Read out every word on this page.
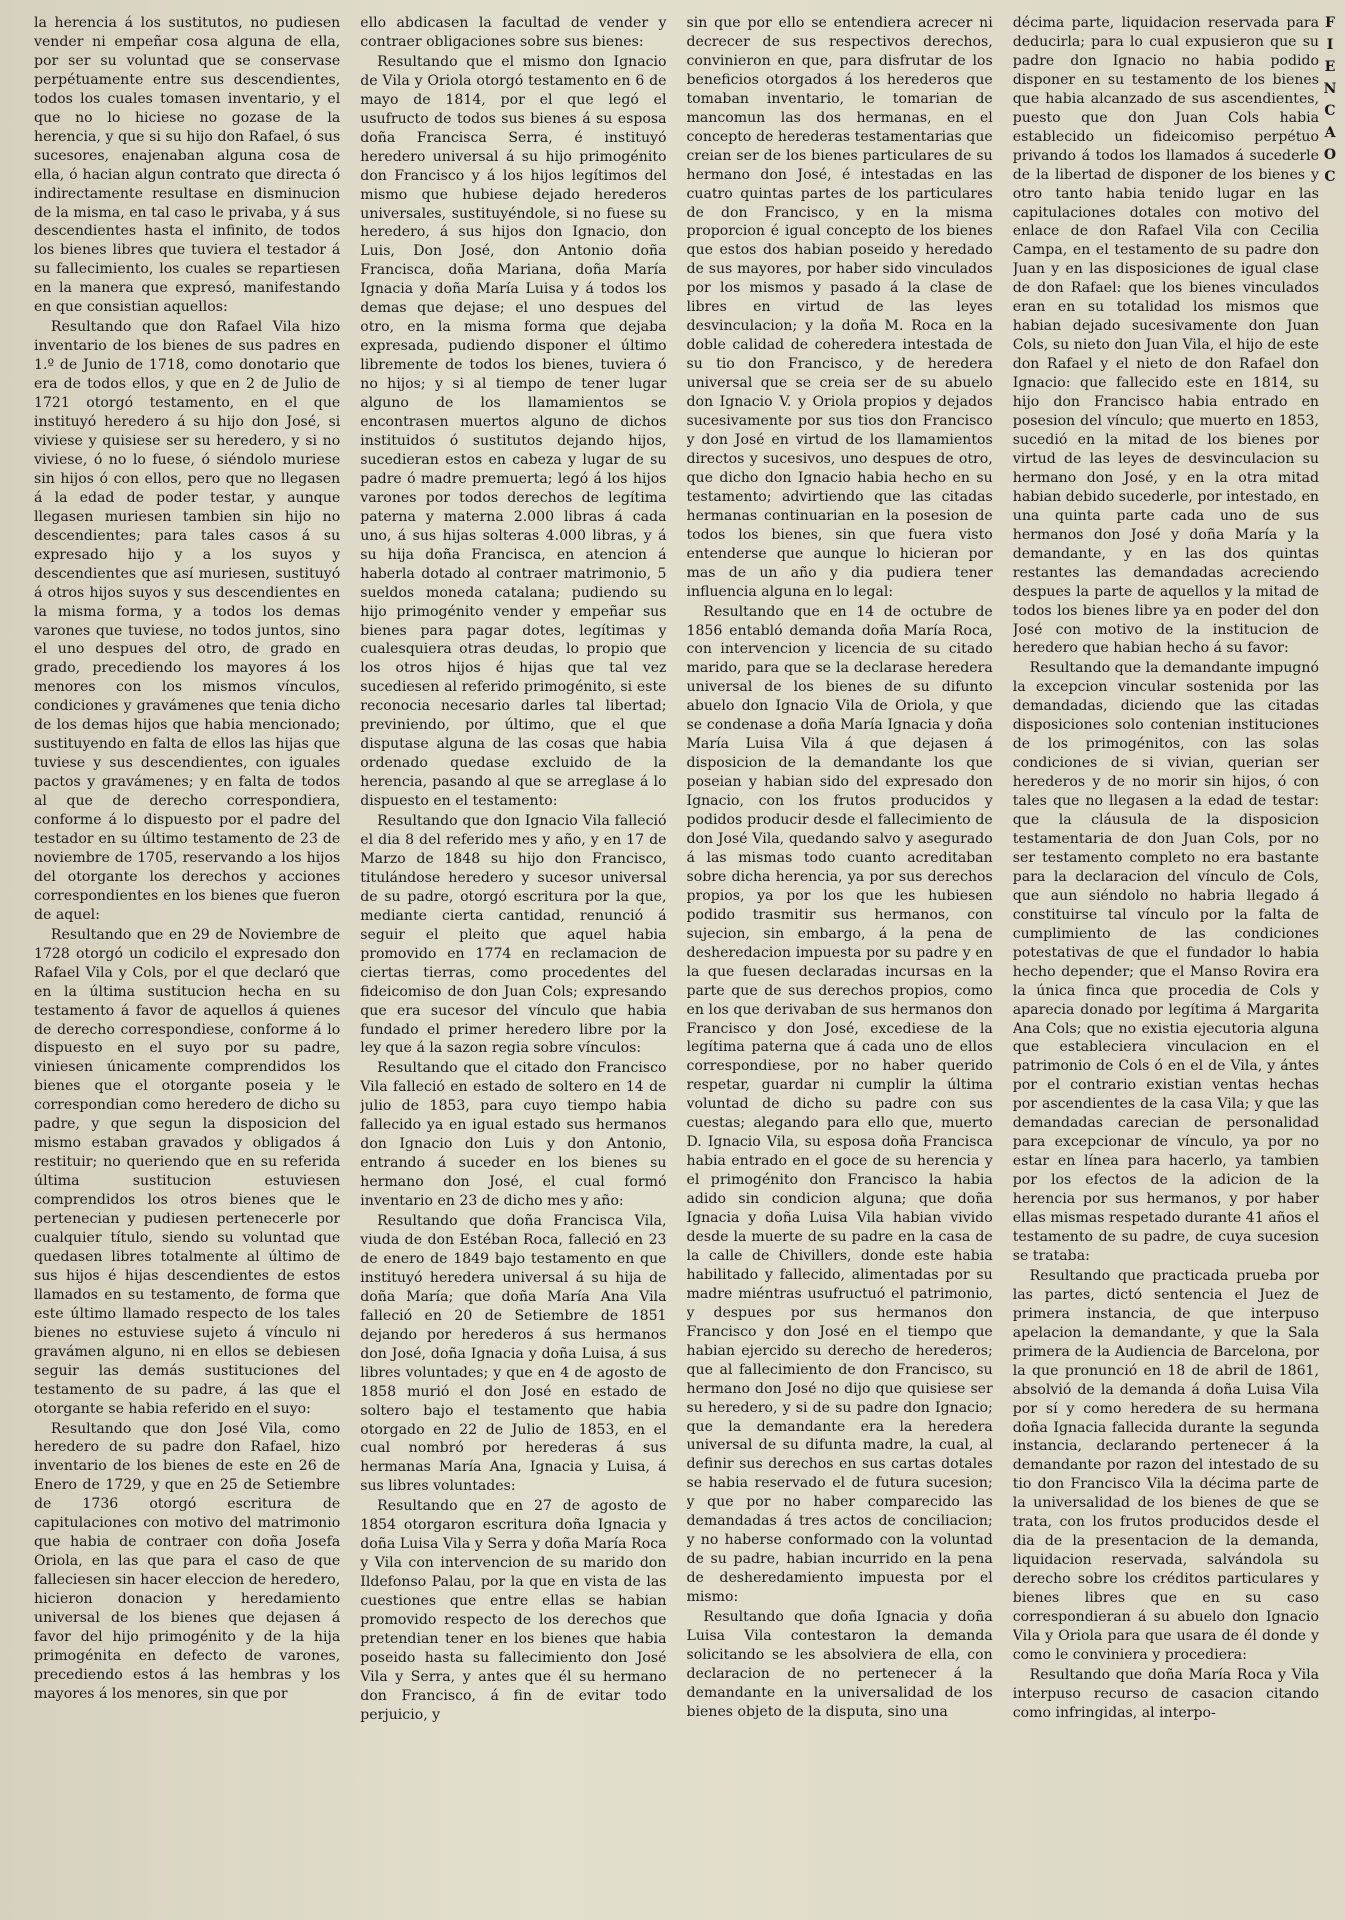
la herencia á los sustitutos, no pudiesen vender ni empeñar cosa alguna de ella, por ser su voluntad que se conservase perpétuamente entre sus descendientes, todos los cuales tomasen inventario, y el que no lo hiciese no gozase de la herencia, y que si su hijo don Rafael, ó sus sucesores, enajenaban alguna cosa de ella, ó hacian algun contrato que directa ó indirectamente resultase en disminucion de la misma, en tal caso le privaba, y á sus descendientes hasta el infinito, de todos los bienes libres que tuviera el testador á su fallecimiento, los cuales se repartiesen en la manera que expresó, manifestando en que consistian aquellos:

Resultando que don Rafael Vila hizo inventario de los bienes de sus padres en 1.º de Junio de 1718, como donotario que era de todos ellos, y que en 2 de Julio de 1721 otorgó testamento, en el que instituyó heredero á su hijo don José, si viviese y quisiese ser su heredero, y si no viviese, ó no lo fuese, ó siéndolo muriese sin hijos ó con ellos, pero que no llegasen á la edad de poder testar, y aunque llegasen muriesen tambien sin hijo no descendientes; para tales casos á su expresado hijo y a los suyos y descendientes que así muriesen, sustituyó á otros hijos suyos y sus descendientes en la misma forma, y a todos los demas varones que tuviese, no todos juntos, sino el uno despues del otro, de grado en grado, precediendo los mayores á los menores con los mismos vínculos, condiciones y gravámenes que tenia dicho de los demas hijos que habia mencionado; sustituyendo en falta de ellos las hijas que tuviese y sus descendientes, con iguales pactos y gravámenes; y en falta de todos al que de derecho correspondiera, conforme á lo dispuesto por el padre del testador en su último testamento de 23 de noviembre de 1705, reservando a los hijos del otorgante los derechos y acciones correspondientes en los bienes que fueron de aquel:

Resultando que en 29 de Noviembre de 1728 otorgó un codicilo el expresado don Rafael Vila y Cols, por el que declaró que en la última sustitucion hecha en su testamento á favor de aquellos á quienes de derecho correspondiese, conforme á lo dispuesto en el suyo por su padre, viniesen únicamente comprendidos los bienes que el otorgante poseia y le correspondian como heredero de dicho su padre, y que segun la disposicion del mismo estaban gravados y obligados á restituir; no queriendo que en su referida última sustitucion estuviesen comprendidos los otros bienes que le pertenecian y pudiesen pertenecerle por cualquier título, siendo su voluntad que quedasen libres totalmente al último de sus hijos é hijas descendientes de estos llamados en su testamento, de forma que este último llamado respecto de los tales bienes no estuviese sujeto á vínculo ni gravámen alguno, ni en ellos se debiesen seguir las demás sustituciones del testamento de su padre, á las que el otorgante se habia referido en el suyo:

Resultando que don José Vila, como heredero de su padre don Rafael, hizo inventario de los bienes de este en 26 de Enero de 1729, y que en 25 de Setiembre de 1736 otorgó escritura de capitulaciones con motivo del matrimonio que habia de contraer con doña Josefa Oriola, en las que para el caso de que falleciesen sin hacer eleccion de heredero, hicieron donacion y heredamiento universal de los bienes que dejasen á favor del hijo primogénito y de la hija primogénita en defecto de varones, precediendo estos á las hembras y los mayores á los menores, sin que por

ello abdicasen la facultad de vender y contraer obligaciones sobre sus bienes:

Resultando que el mismo don Ignacio de Vila y Oriola otorgó testamento en 6 de mayo de 1814, por el que legó el usufructo de todos sus bienes á su esposa doña Francisca Serra, é instituyó heredero universal á su hijo primogénito don Francisco y á los hijos legítimos del mismo que hubiese dejado herederos universales, sustituyéndole, si no fuese su heredero, á sus hijos don Ignacio, don Luis, Don José, don Antonio doña Francisca, doña Mariana, doña María Ignacia y doña María Luisa y á todos los demas que dejase; el uno despues del otro, en la misma forma que dejaba expresada, pudiendo disponer el último libremente de todos los bienes, tuviera ó no hijos; y si al tiempo de tener lugar alguno de los llamamientos se encontrasen muertos alguno de dichos instituidos ó sustitutos dejando hijos, sucedieran estos en cabeza y lugar de su padre ó madre premuerta; legó á los hijos varones por todos derechos de legítima paterna y materna 2.000 libras á cada uno, á sus hijas solteras 4.000 libras, y á su hija doña Francisca, en atencion á haberla dotado al contraer matrimonio, 5 sueldos moneda catalana; pudiendo su hijo primogénito vender y empeñar sus bienes para pagar dotes, legítimas y cualesquiera otras deudas, lo propio que los otros hijos é hijas que tal vez sucediesen al referido primogénito, si este reconocia necesario darles tal libertad; previniendo, por último, que el que disputase alguna de las cosas que habia ordenado quedase excluido de la herencia, pasando al que se arreglase á lo dispuesto en el testamento:

Resultando que don Ignacio Vila falleció el dia 8 del referido mes y año, y en 17 de Marzo de 1848 su hijo don Francisco, titulándose heredero y sucesor universal de su padre, otorgó escritura por la que, mediante cierta cantidad, renunció á seguir el pleito que aquel habia promovido en 1774 en reclamacion de ciertas tierras, como procedentes del fideicomiso de don Juan Cols; expresando que era sucesor del vínculo que habia fundado el primer heredero libre por la ley que á la sazon regia sobre vínculos:

Resultando que el citado don Francisco Vila falleció en estado de soltero en 14 de julio de 1853, para cuyo tiempo habia fallecido ya en igual estado sus hermanos don Ignacio don Luis y don Antonio, entrando á suceder en los bienes su hermano don José, el cual formó inventario en 23 de dicho mes y año:

Resultando que doña Francisca Vila, viuda de don Estéban Roca, falleció en 23 de enero de 1849 bajo testamento en que instituyó heredera universal á su hija de doña María; que doña María Ana Vila falleció en 20 de Setiembre de 1851 dejando por herederos á sus hermanos don José, doña Ignacia y doña Luisa, á sus libres voluntades; y que en 4 de agosto de 1858 murió el don José en estado de soltero bajo el testamento que habia otorgado en 22 de Julio de 1853, en el cual nombró por herederas á sus hermanas María Ana, Ignacia y Luisa, á sus libres voluntades:

Resultando que en 27 de agosto de 1854 otorgaron escritura doña Ignacia y doña Luisa Vila y Serra y doña María Roca y Vila con intervencion de su marido don Ildefonso Palau, por la que en vista de las cuestiones que entre ellas se habian promovido respecto de los derechos que pretendian tener en los bienes que habia poseido hasta su fallecimiento don José Vila y Serra, y antes que él su hermano don Francisco, á fin de evitar todo perjuicio, y

sin que por ello se entendiera acrecer ni decrecer de sus respectivos derechos, convinieron en que, para disfrutar de los beneficios otorgados á los herederos que tomaban inventario, le tomarian de mancomun las dos hermanas, en el concepto de herederas testamentarias que creian ser de los bienes particulares de su hermano don José, é intestadas en las cuatro quintas partes de los particulares de don Francisco, y en la misma proporcion é igual concepto de los bienes que estos dos habian poseido y heredado de sus mayores, por haber sido vinculados por los mismos y pasado á la clase de libres en virtud de las leyes desvinculacion; y la doña M. Roca en la doble calidad de coheredera intestada de su tio don Francisco, y de heredera universal que se creia ser de su abuelo don Ignacio V. y Oriola propios y dejados sucesivamente por sus tios don Francisco y don José en virtud de los llamamientos directos y sucesivos, uno despues de otro, que dicho don Ignacio habia hecho en su testamento; advirtiendo que las citadas hermanas continuarian en la posesion de todos los bienes, sin que fuera visto entenderse que aunque lo hicieran por mas de un año y dia pudiera tener influencia alguna en lo legal:

Resultando que en 14 de octubre de 1856 entabló demanda doña María Roca, con intervencion y licencia de su citado marido, para que se la declarase heredera universal de los bienes de su difunto abuelo don Ignacio Vila de Oriola, y que se condenase a doña María Ignacia y doña María Luisa Vila á que dejasen á disposicion de la demandante los que poseian y habian sido del expresado don Ignacio, con los frutos producidos y podidos producir desde el fallecimiento de don José Vila, quedando salvo y asegurado á las mismas todo cuanto acreditaban sobre dicha herencia, ya por sus derechos propios, ya por los que les hubiesen podido trasmitir sus hermanos, con sujecion, sin embargo, á la pena de desheredacion impuesta por su padre y en la que fuesen declaradas incursas en la parte que de sus derechos propios, como en los que derivaban de sus hermanos don Francisco y don José, excediese de la legítima paterna que á cada uno de ellos correspondiese, por no haber querido respetar, guardar ni cumplir la última voluntad de dicho su padre con sus cuestas; alegando para ello que, muerto D. Ignacio Vila, su esposa doña Francisca habia entrado en el goce de su herencia y el primogénito don Francisco la habia adido sin condicion alguna; que doña Ignacia y doña Luisa Vila habian vivido desde la muerte de su padre en la casa de la calle de Chivillers, donde este habia habilitado y fallecido, alimentadas por su madre miéntras usufructuó el patrimonio, y despues por sus hermanos don Francisco y don José en el tiempo que habian ejercido su derecho de herederos; que al fallecimiento de don Francisco, su hermano don José no dijo que quisiese ser su heredero, y si de su padre don Ignacio; que la demandante era la heredera universal de su difunta madre, la cual, al definir sus derechos en sus cartas dotales se habia reservado el de futura sucesion; y que por no haber comparecido las demandadas á tres actos de conciliacion; y no haberse conformado con la voluntad de su padre, habian incurrido en la pena de desheredamiento impuesta por el mismo:

Resultando que doña Ignacia y doña Luisa Vila contestaron la demanda solicitando se les absolviera de ella, con declaracion de no pertenecer á la demandante en la universalidad de los bienes objeto de la disputa, sino una

décima parte, liquidacion reservada para deducirla; para lo cual expusieron que su padre don Ignacio no habia podido disponer en su testamento de los bienes que habia alcanzado de sus ascendientes, puesto que don Juan Cols habia establecido un fideicomiso perpétuo privando á todos los llamados á sucederle de la libertad de disponer de los bienes y otro tanto habia tenido lugar en las capitulaciones dotales con motivo del enlace de don Rafael Vila con Cecilia Campa, en el testamento de su padre don Juan y en las disposiciones de igual clase de don Rafael: que los bienes vinculados eran en su totalidad los mismos que habian dejado sucesivamente don Juan Cols, su nieto don Juan Vila, el hijo de este don Rafael y el nieto de don Rafael don Ignacio: que fallecido este en 1814, su hijo don Francisco habia entrado en posesion del vínculo; que muerto en 1853, sucedió en la mitad de los bienes por virtud de las leyes de desvinculacion su hermano don José, y en la otra mitad habian debido sucederle, por intestado, en una quinta parte cada uno de sus hermanos don José y doña María y la demandante, y en las dos quintas restantes las demandadas acreciendo despues la parte de aquellos y la mitad de todos los bienes libre ya en poder del don José con motivo de la institucion de heredero que habian hecho á su favor:

Resultando que la demandante impugnó la excepcion vincular sostenida por las demandadas, diciendo que las citadas disposiciones solo contenian instituciones de los primogénitos, con las solas condiciones de si vivian, querian ser herederos y de no morir sin hijos, ó con tales que no llegasen a la edad de testar: que la cláusula de la disposicion testamentaria de don Juan Cols, por no ser testamento completo no era bastante para la declaracion del vínculo de Cols, que aun siéndolo no habria llegado á constituirse tal vínculo por la falta de cumplimiento de las condiciones potestativas de que el fundador lo habia hecho depender; que el Manso Rovira era la única finca que procedia de Cols y aparecia donado por legítima á Margarita Ana Cols; que no existia ejecutoria alguna que estableciera vinculacion en el patrimonio de Cols ó en el de Vila, y ántes por el contrario existian ventas hechas por ascendientes de la casa Vila; y que las demandadas carecian de personalidad para excepcionar de vínculo, ya por no estar en línea para hacerlo, ya tambien por los efectos de la adicion de la herencia por sus hermanos, y por haber ellas mismas respetado durante 41 años el testamento de su padre, de cuya sucesion se trataba:

Resultando que practicada prueba por las partes, dictó sentencia el Juez de primera instancia, de que interpuso apelacion la demandante, y que la Sala primera de la Audiencia de Barcelona, por la que pronunció en 18 de abril de 1861, absolvió de la demanda á doña Luisa Vila por sí y como heredera de su hermana doña Ignacia fallecida durante la segunda instancia, declarando pertenecer á la demandante por razon del intestado de su tio don Francisco Vila la décima parte de la universalidad de los bienes de que se trata, con los frutos producidos desde el dia de la presentacion de la demanda, liquidacion reservada, salvándola su derecho sobre los créditos particulares y bienes libres que en su caso correspondieran á su abuelo don Ignacio Vila y Oriola para que usara de él donde y como le conviniera y procediera:

Resultando que doña María Roca y Vila interpuso recurso de casacion citando como infringidas, al interpo-

F
I
E
N
C
A
O
C
